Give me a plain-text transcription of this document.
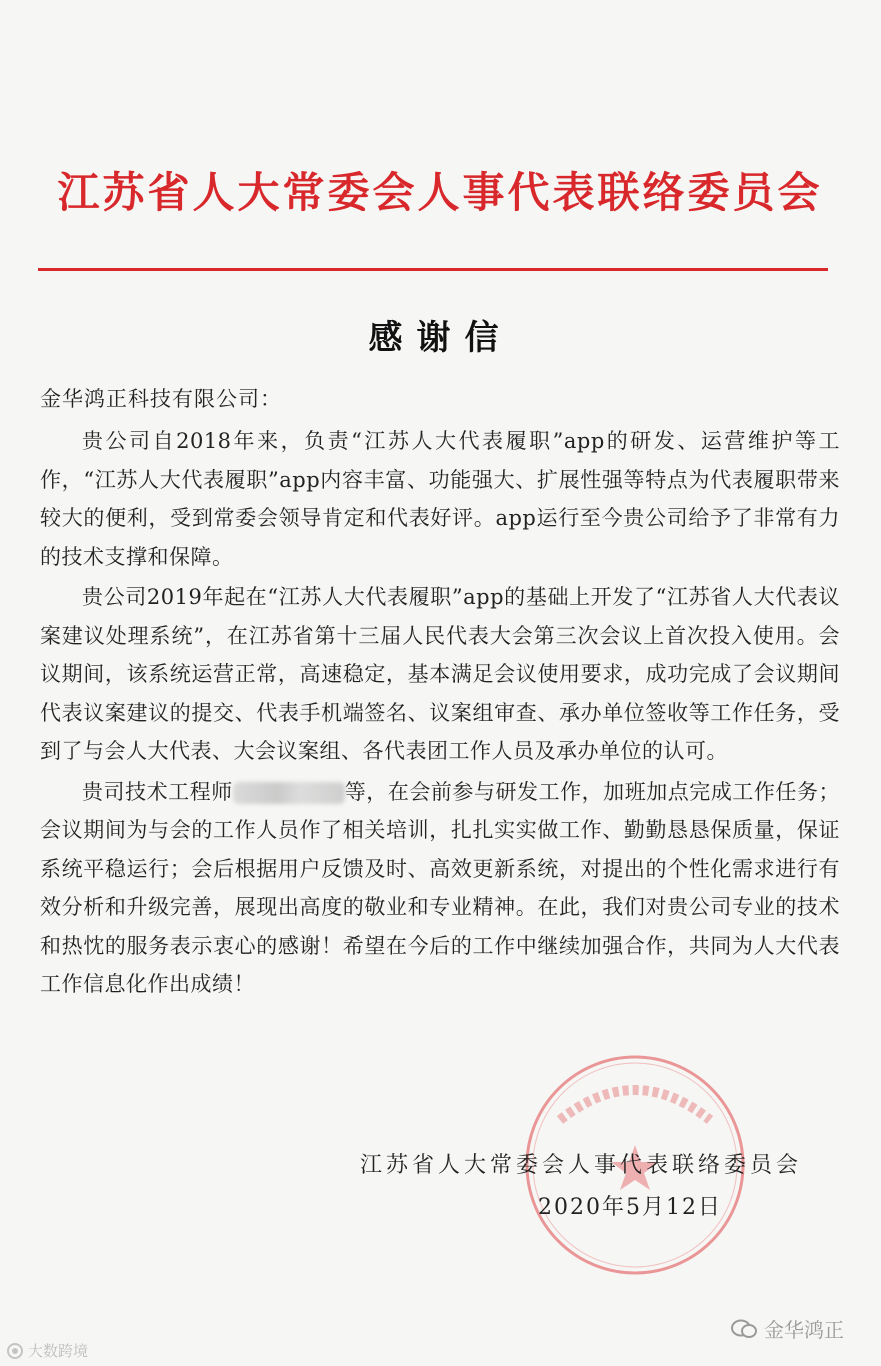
江苏省人大常委会人事代表联络委员会
感谢信
金华鸿正科技有限公司：

贵公司自2018年来，负责“江苏人大代表履职”app的研发、运营维护等工作，“江苏人大代表履职”app内容丰富、功能强大、扩展性强等特点为代表履职带来较大的便利，受到常委会领导肯定和代表好评。app运行至今贵公司给予了非常有力的技术支撑和保障。

贵公司2019年起在“江苏人大代表履职”app的基础上开发了“江苏省人大代表议案建议处理系统”，在江苏省第十三届人民代表大会第三次会议上首次投入使用。会议期间，该系统运营正常，高速稳定，基本满足会议使用要求，成功完成了会议期间代表议案建议的提交、代表手机端签名、议案组审查、承办单位签收等工作任务，受到了与会人大代表、大会议案组、各代表团工作人员及承办单位的认可。

贵司技术工程师	等，在会前参与研发工作，加班加点完成工作任务；会议期间为与会的工作人员作了相关培训，扎扎实实做工作、勤勤恳恳保质量，保证系统平稳运行；会后根据用户反馈及时、高效更新系统，对提出的个性化需求进行有效分析和升级完善，展现出高度的敬业和专业精神。在此，我们对贵公司专业的技术和热忱的服务表示衷心的感谢！希望在今后的工作中继续加强合作，共同为人大代表工作信息化作出成绩！

江苏省人大常委会人事代表联络委员会
2020年5月12日
大数跨境
金华鸿正
